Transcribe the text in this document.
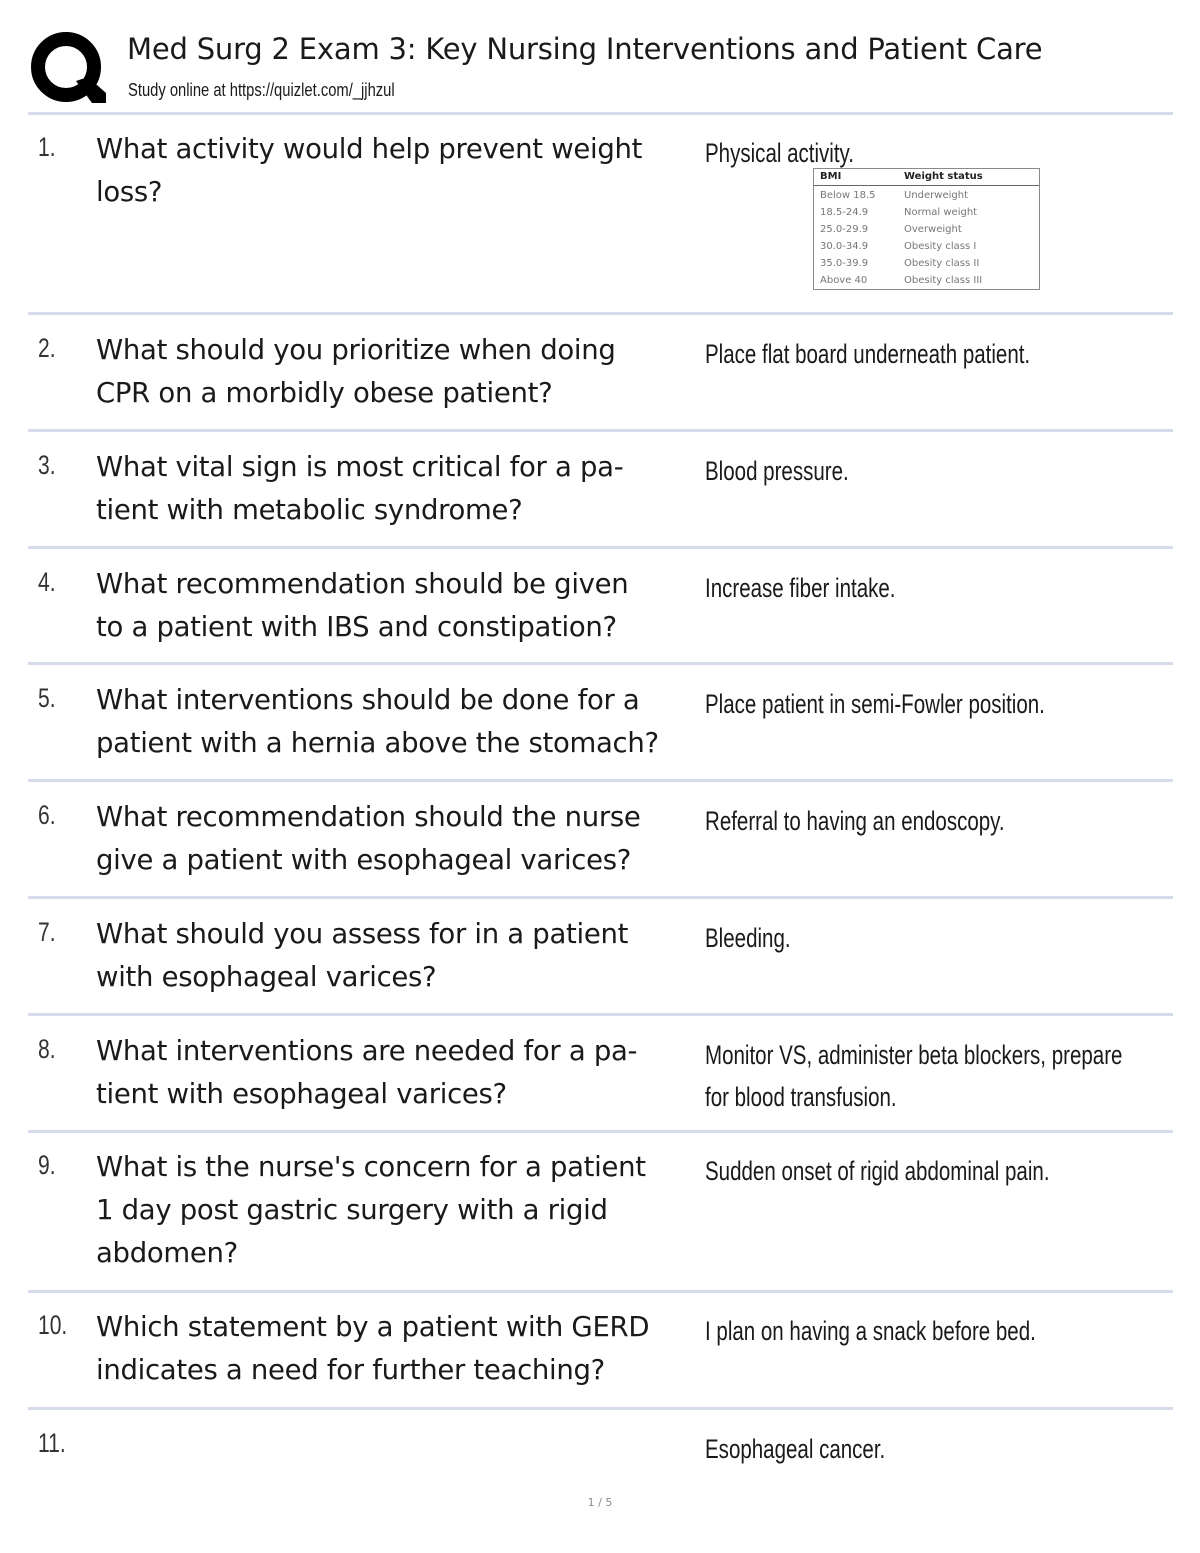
Med Surg 2 Exam 3: Key Nursing Interventions and Patient Care
Study online at https://quizlet.com/_jjhzul
1. What activity would help prevent weight
loss?
Physical activity.
BMI	Weight status
Below 18.5	Underweight
18.5-24.9	Normal weight
25.0-29.9	Overweight
30.0-34.9	Obesity class I
35.0-39.9	Obesity class II
Above 40	Obesity class III
2. What should you prioritize when doing
CPR on a morbidly obese patient?
Place flat board underneath patient.
3. What vital sign is most critical for a pa-
tient with metabolic syndrome?
Blood pressure.
4. What recommendation should be given
to a patient with IBS and constipation?
Increase fiber intake.
5. What interventions should be done for a
patient with a hernia above the stomach?
Place patient in semi-Fowler position.
6. What recommendation should the nurse
give a patient with esophageal varices?
Referral to having an endoscopy.
7. What should you assess for in a patient
with esophageal varices?
Bleeding.
8. What interventions are needed for a pa-
tient with esophageal varices?
Monitor VS, administer beta blockers, prepare
for blood transfusion.
9. What is the nurse's concern for a patient
1 day post gastric surgery with a rigid
abdomen?
Sudden onset of rigid abdominal pain.
10. Which statement by a patient with GERD
indicates a need for further teaching?
I plan on having a snack before bed.
11.	Esophageal cancer.
1 / 5
